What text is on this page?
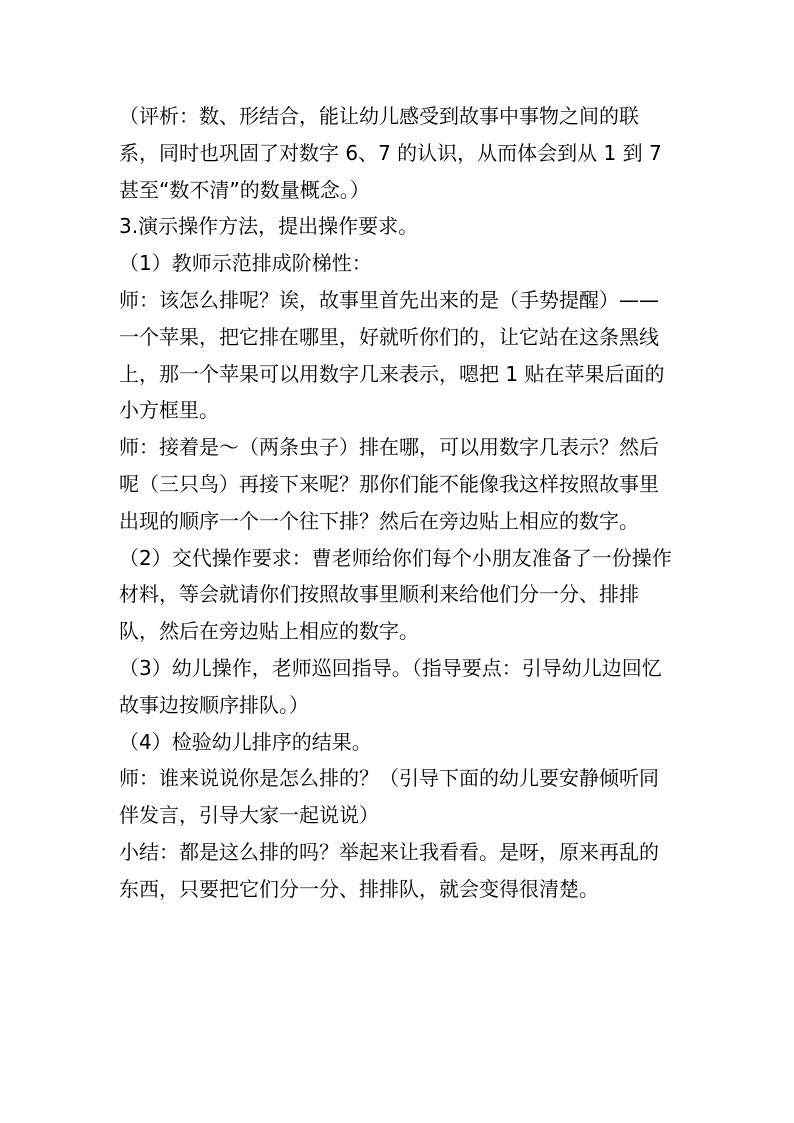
（评析：数、形结合，能让幼儿感受到故事中事物之间的联
系，同时也巩固了对数字 6、7 的认识，从而体会到从 1 到 7
甚至“数不清”的数量概念。）

3.演示操作方法，提出操作要求。

（1）教师示范排成阶梯性：

师：该怎么排呢？诶，故事里首先出来的是（手势提醒）——
一个苹果，把它排在哪里，好就听你们的，让它站在这条黑线
上，那一个苹果可以用数字几来表示，嗯把 1 贴在苹果后面的
小方框里。

师：接着是～（两条虫子）排在哪，可以用数字几表示？然后
呢（三只鸟）再接下来呢？那你们能不能像我这样按照故事里
出现的顺序一个一个往下排？然后在旁边贴上相应的数字。

（2）交代操作要求：曹老师给你们每个小朋友准备了一份操作
材料，等会就请你们按照故事里顺利来给他们分一分、排排
队，然后在旁边贴上相应的数字。

（3）幼儿操作，老师巡回指导。（指导要点：引导幼儿边回忆
故事边按顺序排队。）

（4）检验幼儿排序的结果。

师：谁来说说你是怎么排的？（引导下面的幼儿要安静倾听同
伴发言，引导大家一起说说）

小结：都是这么排的吗？举起来让我看看。是呀，原来再乱的
东西，只要把它们分一分、排排队，就会变得很清楚。
